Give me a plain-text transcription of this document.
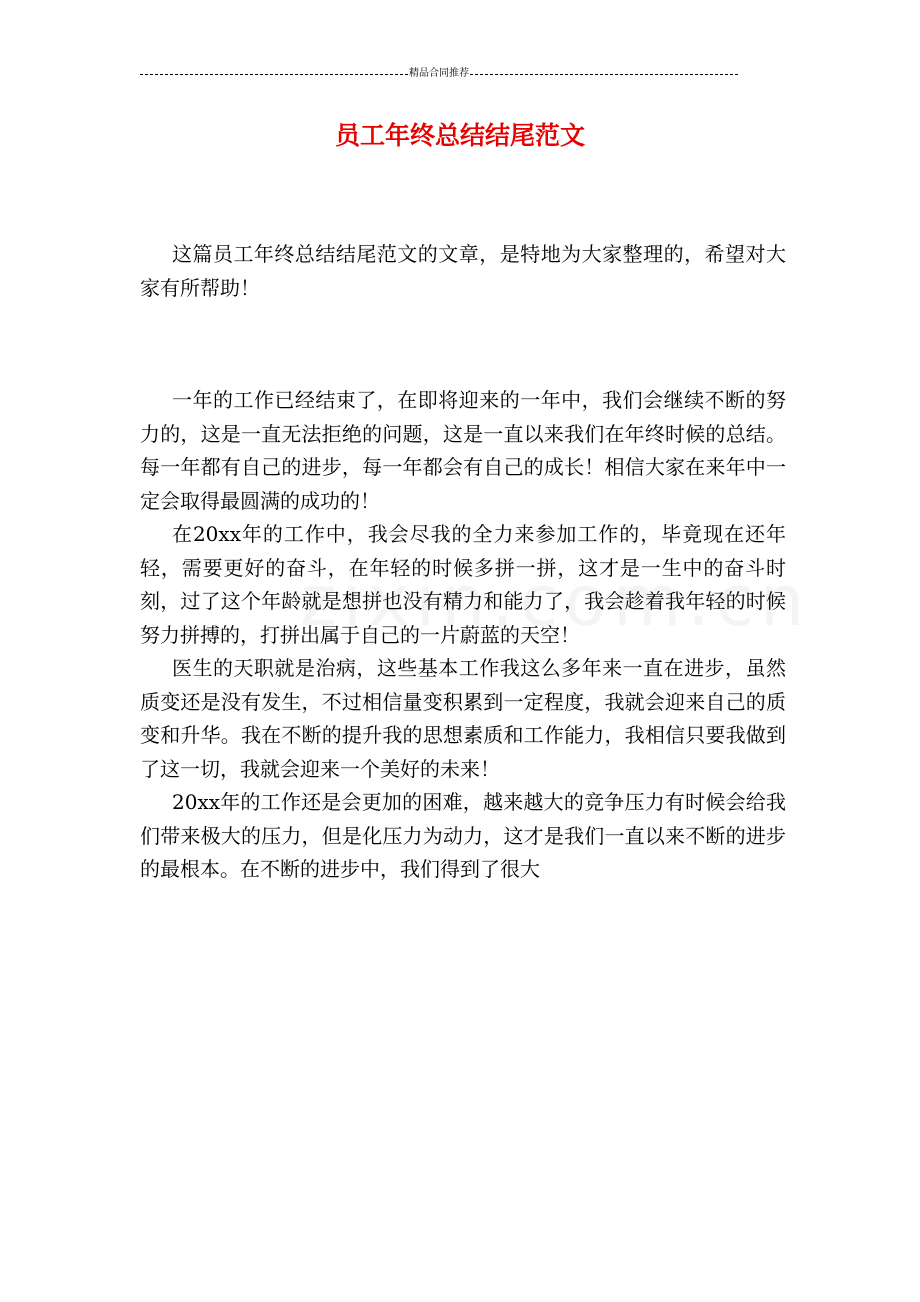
精品合同推荐
员工年终总结结尾范文

这篇员工年终总结结尾范文的文章，是特地为大家整理的，希望对大家有所帮助！

一年的工作已经结束了，在即将迎来的一年中，我们会继续不断的努力的，这是一直无法拒绝的问题，这是一直以来我们在年终时候的总结。每一年都有自己的进步，每一年都会有自己的成长！相信大家在来年中一定会取得最圆满的成功的！

在20xx年的工作中，我会尽我的全力来参加工作的，毕竟现在还年轻，需要更好的奋斗，在年轻的时候多拼一拼，这才是一生中的奋斗时刻，过了这个年龄就是想拼也没有精力和能力了，我会趁着我年轻的时候努力拼搏的，打拼出属于自己的一片蔚蓝的天空！

医生的天职就是治病，这些基本工作我这么多年来一直在进步，虽然质变还是没有发生，不过相信量变积累到一定程度，我就会迎来自己的质变和升华。我在不断的提升我的思想素质和工作能力，我相信只要我做到了这一切，我就会迎来一个美好的未来！

20xx年的工作还是会更加的困难，越来越大的竞争压力有时候会给我们带来极大的压力，但是化压力为动力，这才是我们一直以来不断的进步的最根本。在不断的进步中，我们得到了很大
